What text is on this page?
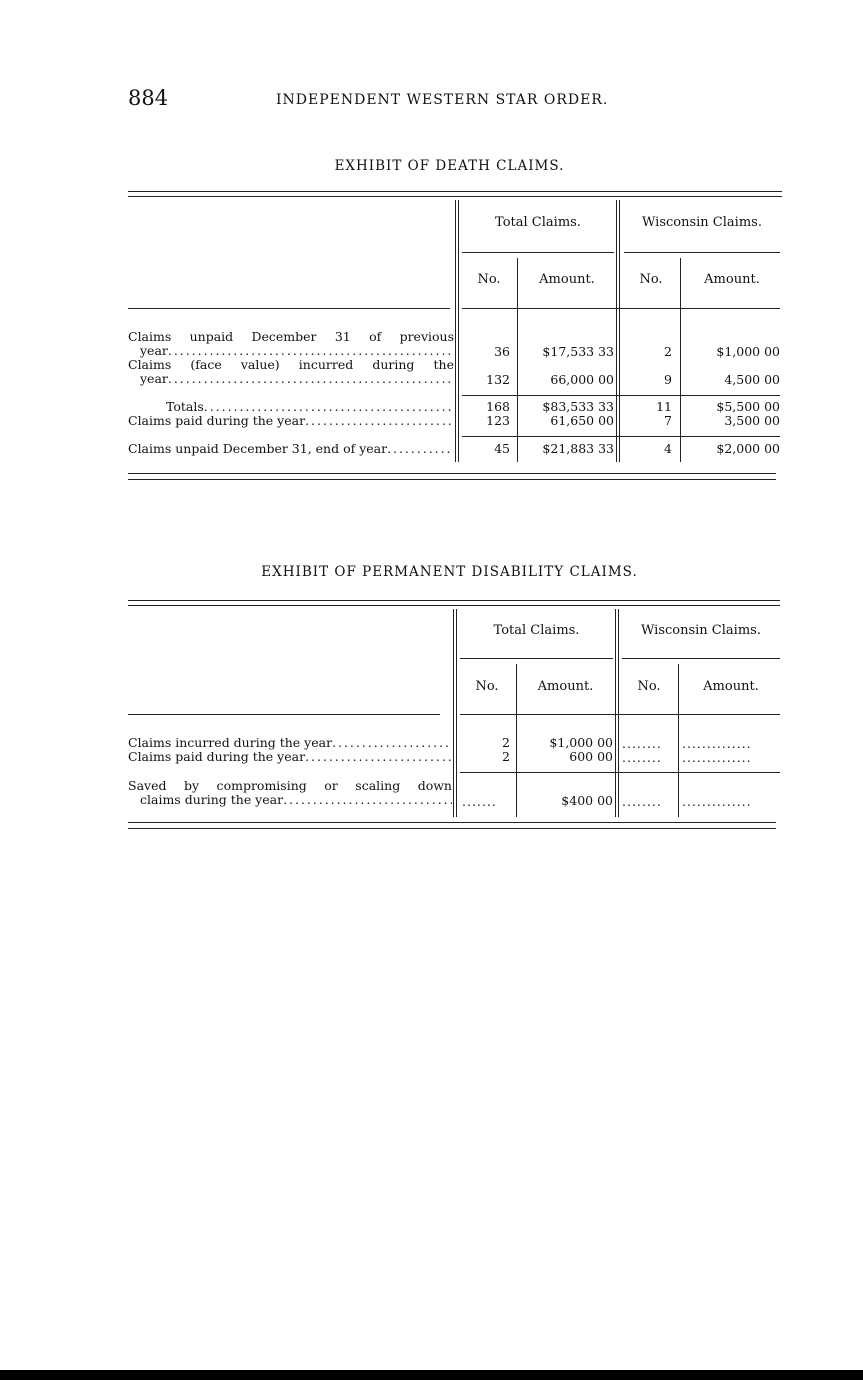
884	INDEPENDENT WESTERN STAR ORDER.
EXHIBIT OF DEATH CLAIMS.
Total Claims.	Wisconsin Claims.
No.	Amount.	No.	Amount.
Claims unpaid December 31 of previous
year . . .	36	$17,533 33	2	$1,000 00
Claims (face value) incurred during the
year . . .	132	66,000 00	9	4,500 00
Totals . . .	168	$83,533 33	11	$5,500 00
Claims paid during the year . . .	123	61,650 00	7	3,500 00
Claims unpaid December 31, end of year . . .	45	$21,883 33	4	$2,000 00
EXHIBIT OF PERMANENT DISABILITY CLAIMS.
Total Claims.	Wisconsin Claims.
No.	Amount.	No.	Amount.
Claims incurred during the year . . .	2	$1,000 00 ........	..............
Claims paid during the year . . .	2	600 00 ........	..............
Saved by compromising or scaling down
claims during the year . . .	.......	$400 00 ........	..............
